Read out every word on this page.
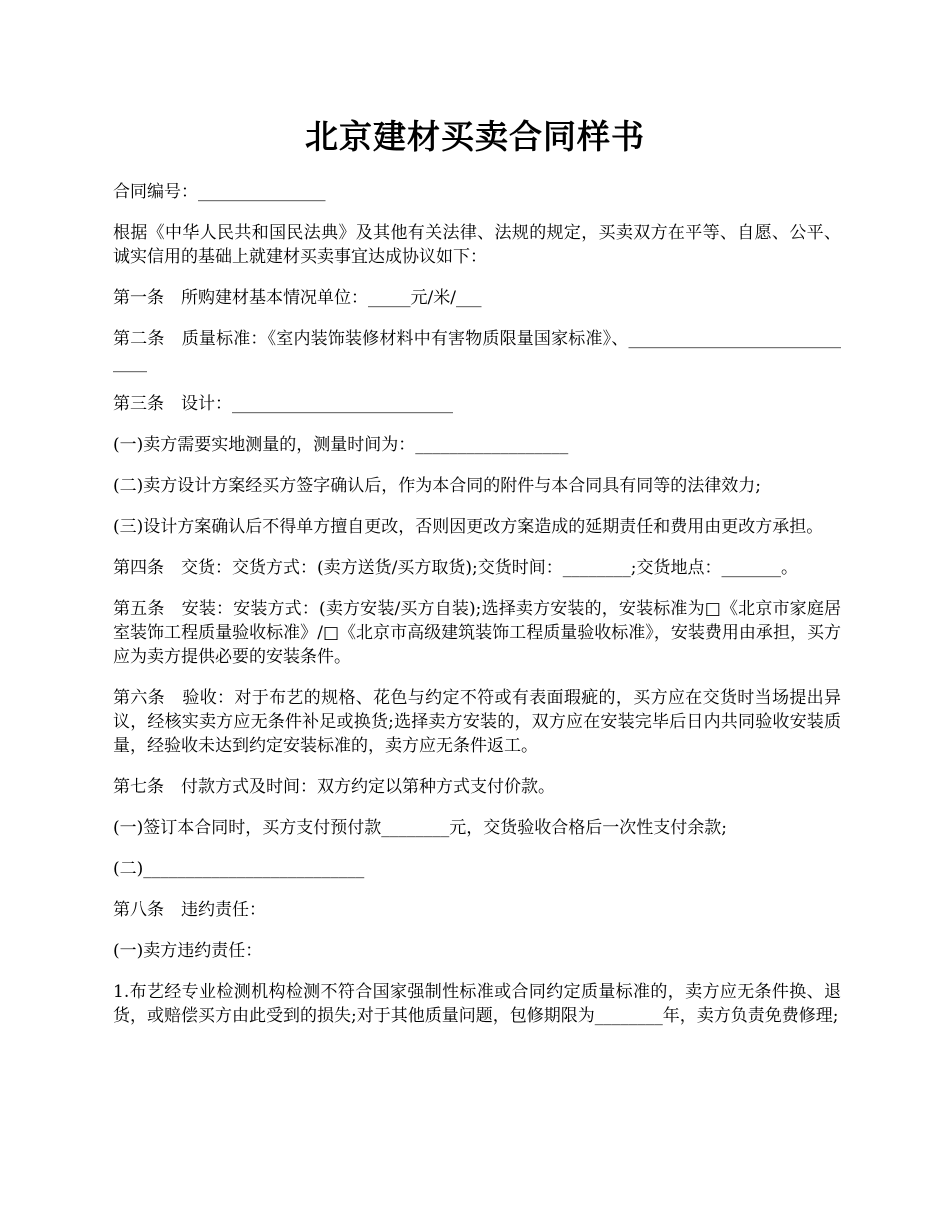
北京建材买卖合同样书

合同编号：_______________

根据《中华人民共和国民法典》及其他有关法律、法规的规定，买卖双方在平等、自愿、公平、诚实信用的基础上就建材买卖事宜达成协议如下：

第一条　所购建材基本情况单位：_____元/米/___

第二条　质量标准：《室内装饰装修材料中有害物质限量国家标准》、_____________________________

第三条　设计：__________________________

(一)卖方需要实地测量的，测量时间为：__________________

(二)卖方设计方案经买方签字确认后，作为本合同的附件与本合同具有同等的法律效力;

(三)设计方案确认后不得单方擅自更改，否则因更改方案造成的延期责任和费用由更改方承担。

第四条　交货：交货方式：(卖方送货/买方取货);交货时间：________;交货地点：_______。

第五条　安装：安装方式：(卖方安装/买方自装);选择卖方安装的，安装标准为□《北京市家庭居室装饰工程质量验收标准》/□《北京市高级建筑装饰工程质量验收标准》，安装费用由承担，买方应为卖方提供必要的安装条件。

第六条　验收：对于布艺的规格、花色与约定不符或有表面瑕疵的，买方应在交货时当场提出异议，经核实卖方应无条件补足或换货;选择卖方安装的，双方应在安装完毕后日内共同验收安装质量，经验收未达到约定安装标准的，卖方应无条件返工。

第七条　付款方式及时间：双方约定以第种方式支付价款。

(一)签订本合同时，买方支付预付款________元，交货验收合格后一次性支付余款;

(二)__________________________

第八条　违约责任：

(一)卖方违约责任：

1.布艺经专业检测机构检测不符合国家强制性标准或合同约定质量标准的，卖方应无条件换、退货，或赔偿买方由此受到的损失;对于其他质量问题，包修期限为________年，卖方负责免费修理;
